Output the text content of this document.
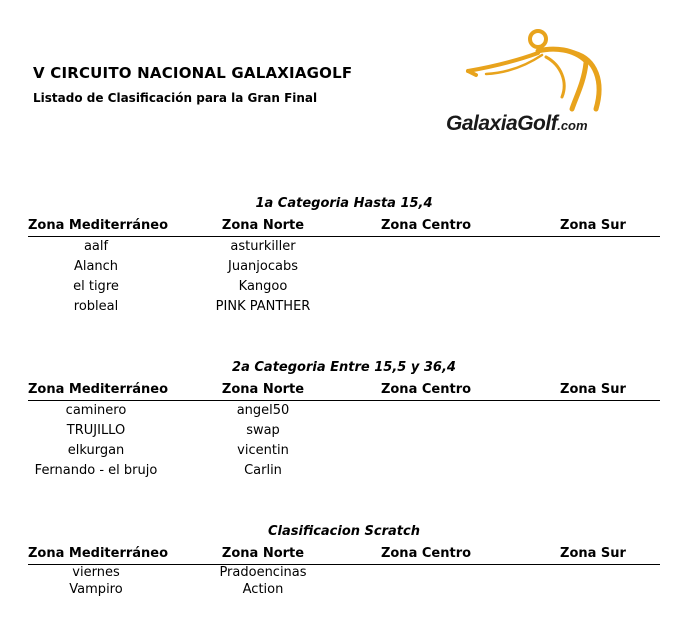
V CIRCUITO NACIONAL GALAXIAGOLF
Listado de Clasificación para la Gran Final
GalaxiaGolf.com
1a Categoria Hasta 15,4
Zona Mediterráneo	Zona Norte	Zona Centro	Zona Sur
aalf	asturkiller
Alanch	Juanjocabs
el tigre	Kangoo
robleal	PINK PANTHER
2a Categoria Entre 15,5 y 36,4
Zona Mediterráneo	Zona Norte	Zona Centro	Zona Sur
caminero	angel50
TRUJILLO	swap
elkurgan	vicentin
Fernando - el brujo	Carlin
Clasificacion Scratch
Zona Mediterráneo	Zona Norte	Zona Centro	Zona Sur
viernes	Pradoencinas
Vampiro	Action
